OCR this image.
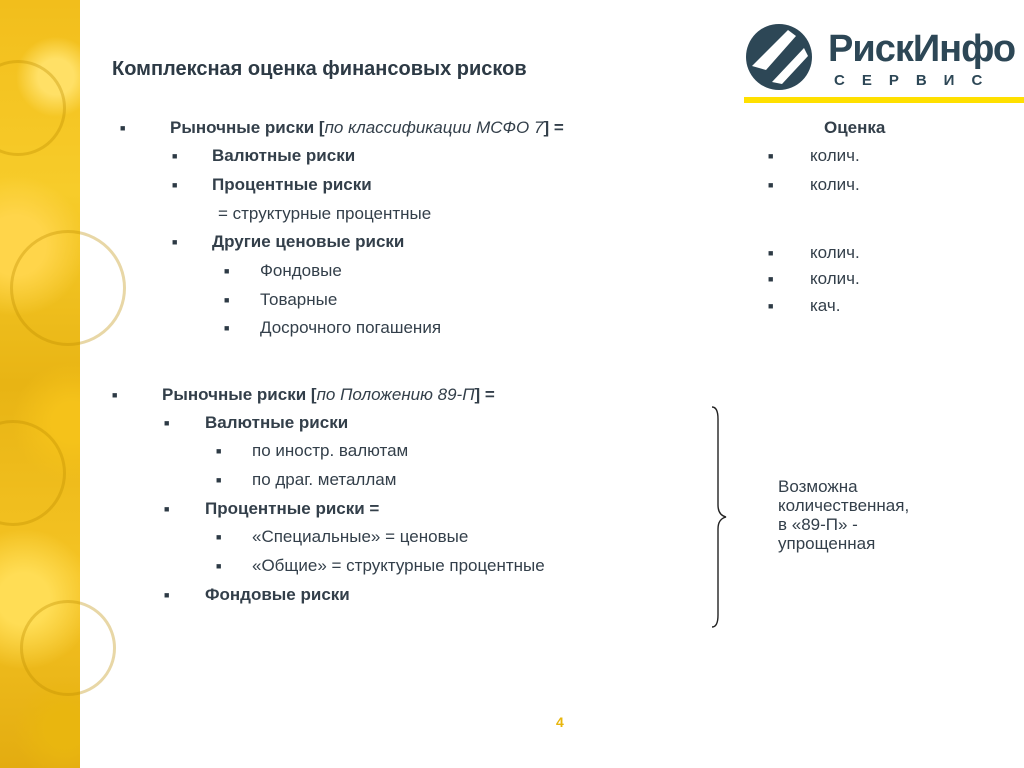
Комплексная оценка финансовых рисков	РискИнфо
СЕРВИС
■	Рыночные риски [по классификации МСФО 7] =
■ Валютные риски
■ Процентные риски
= структурные процентные
■ Другие ценовые риски
■ Фондовые
■ Товарные
■ Досрочного погашения
Оценка
■ колич.
■ колич.
■ колич.
■ колич.
■ кач.
■	Рыночные риски [по Положению 89-П] =
■ Валютные риски
■ по иностр. валютам
■ по драг. металлам
■ Процентные риски =
■ «Специальные» = ценовые
■ «Общие» = структурные процентные
■ Фондовые риски
Возможна
количественная,
в «89-П» -
упрощенная
4
